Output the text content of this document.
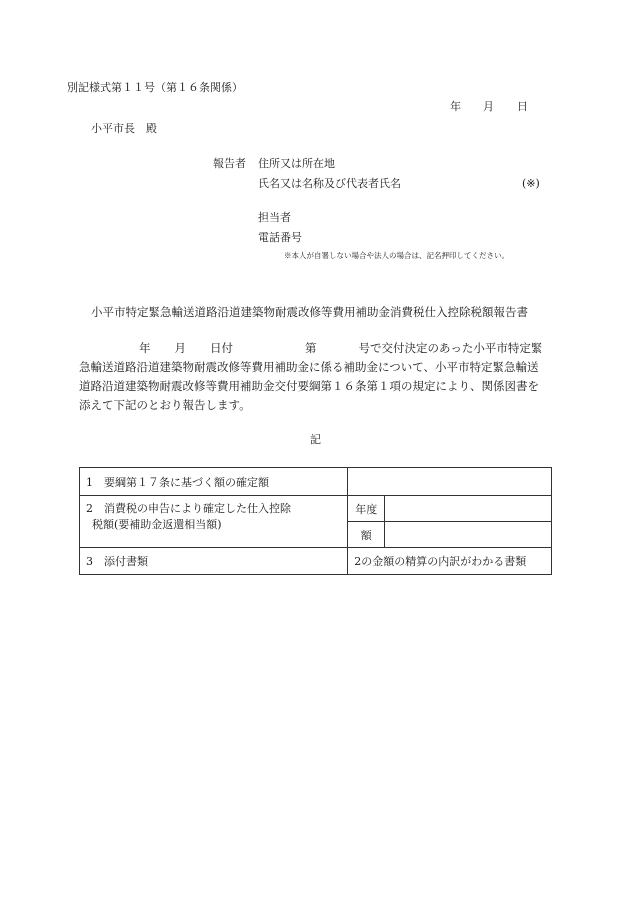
別記様式第１１号（第１６条関係）
年 月 日
小平市長　殿
報告者 住所又は所在地
氏名又は名称及び代表者氏名	(※)
担当者
電話番号
※本人が自署しない場合や法人の場合は、記名押印してください。
小平市特定緊急輸送道路沿道建築物耐震改修等費用補助金消費税仕入控除税額報告書
年 月 日付	第	号で交付決定のあった小平市特定緊
急輸送道路沿道建築物耐震改修等費用補助金に係る補助金について、小平市特定緊急輸送
道路沿道建築物耐震改修等費用補助金交付要綱第１６条第１項の規定により、関係図書を
添えて下記のとおり報告します。
記
1　要綱第１７条に基づく額の確定額		

2　消費税の申告により確定した仕入控除
税額(要補助金返還相当額)	年度	
	額	
3　添付書類	2の金額の精算の内訳がわかる書類	
